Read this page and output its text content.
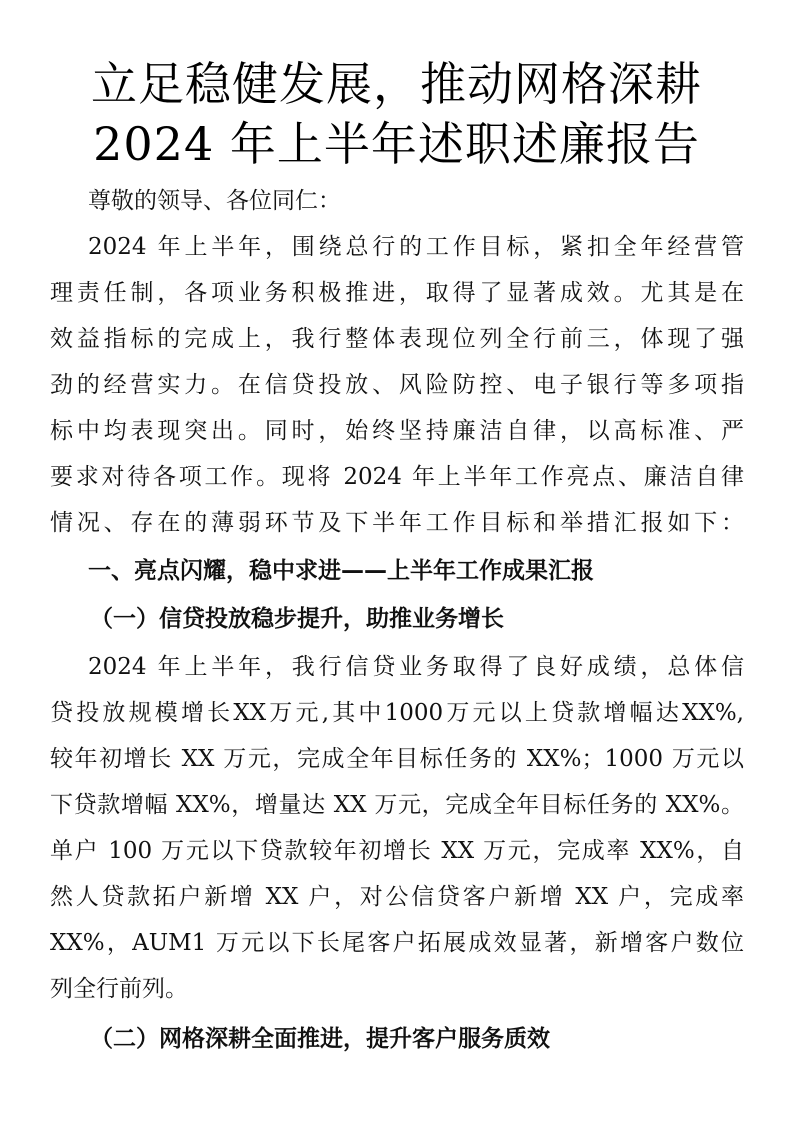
立足稳健发展，推动网格深耕
2024 年上半年述职述廉报告
尊敬的领导、各位同仁：
2024 年上半年，围绕总行的工作目标，紧扣全年经营管
理责任制，各项业务积极推进，取得了显著成效。尤其是在
效益指标的完成上，我行整体表现位列全行前三，体现了强
劲的经营实力。在信贷投放、风险防控、电子银行等多项指
标中均表现突出。同时，始终坚持廉洁自律，以高标准、严
要求对待各项工作。现将 2024 年上半年工作亮点、廉洁自律
情况、存在的薄弱环节及下半年工作目标和举措汇报如下：
一、亮点闪耀，稳中求进——上半年工作成果汇报
（一）信贷投放稳步提升，助推业务增长
2024 年上半年，我行信贷业务取得了良好成绩，总体信
贷投放规模增长XX万元,其中1000万元以上贷款增幅达XX%,
较年初增长 XX 万元，完成全年目标任务的 XX%；1000 万元以
下贷款增幅 XX%，增量达 XX 万元，完成全年目标任务的 XX%。
单户 100 万元以下贷款较年初增长 XX 万元，完成率 XX%，自
然人贷款拓户新增 XX 户，对公信贷客户新增 XX 户，完成率
XX%，AUM1 万元以下长尾客户拓展成效显著，新增客户数位
列全行前列。
（二）网格深耕全面推进，提升客户服务质效
